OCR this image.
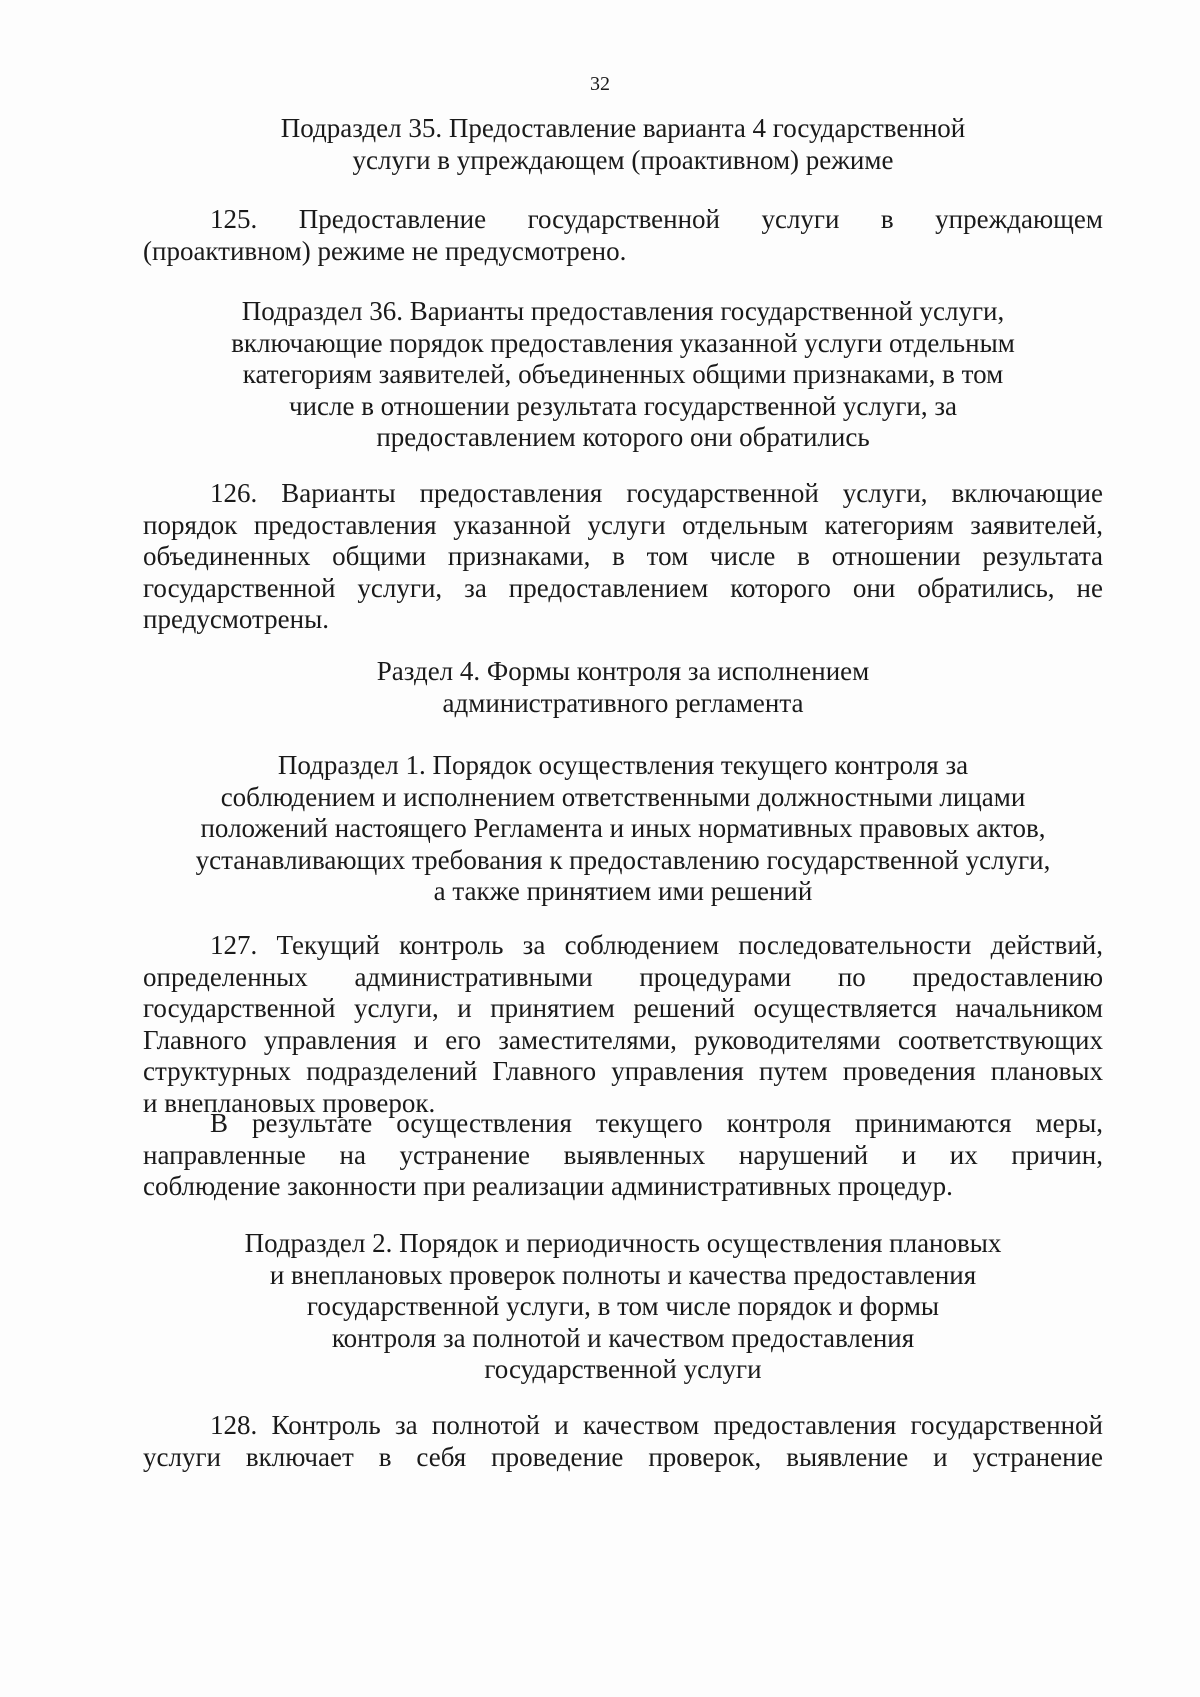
32
Подраздел 35. Предоставление варианта 4 государственной
услуги в упреждающем (проактивном) режиме
125. Предоставление государственной услуги в упреждающем
(проактивном) режиме не предусмотрено.
Подраздел 36. Варианты предоставления государственной услуги,
включающие порядок предоставления указанной услуги отдельным
категориям заявителей, объединенных общими признаками, в том
числе в отношении результата государственной услуги, за
предоставлением которого они обратились
126. Варианты предоставления государственной услуги, включающие
порядок предоставления указанной услуги отдельным категориям заявителей,
объединенных общими признаками, в том числе в отношении результата
государственной услуги, за предоставлением которого они обратились, не
предусмотрены.
Раздел 4. Формы контроля за исполнением
административного регламента
Подраздел 1. Порядок осуществления текущего контроля за
соблюдением и исполнением ответственными должностными лицами
положений настоящего Регламента и иных нормативных правовых актов,
устанавливающих требования к предоставлению государственной услуги,
а также принятием ими решений
127. Текущий контроль за соблюдением последовательности действий,
определенных административными процедурами по предоставлению
государственной услуги, и принятием решений осуществляется начальником
Главного управления и его заместителями, руководителями соответствующих
структурных подразделений Главного управления путем проведения плановых
и внеплановых проверок.
В результате осуществления текущего контроля принимаются меры,
направленные на устранение выявленных нарушений и их причин,
соблюдение законности при реализации административных процедур.
Подраздел 2. Порядок и периодичность осуществления плановых
и внеплановых проверок полноты и качества предоставления
государственной услуги, в том числе порядок и формы
контроля за полнотой и качеством предоставления
государственной услуги
128. Контроль за полнотой и качеством предоставления государственной
услуги включает в себя проведение проверок, выявление и устранение
